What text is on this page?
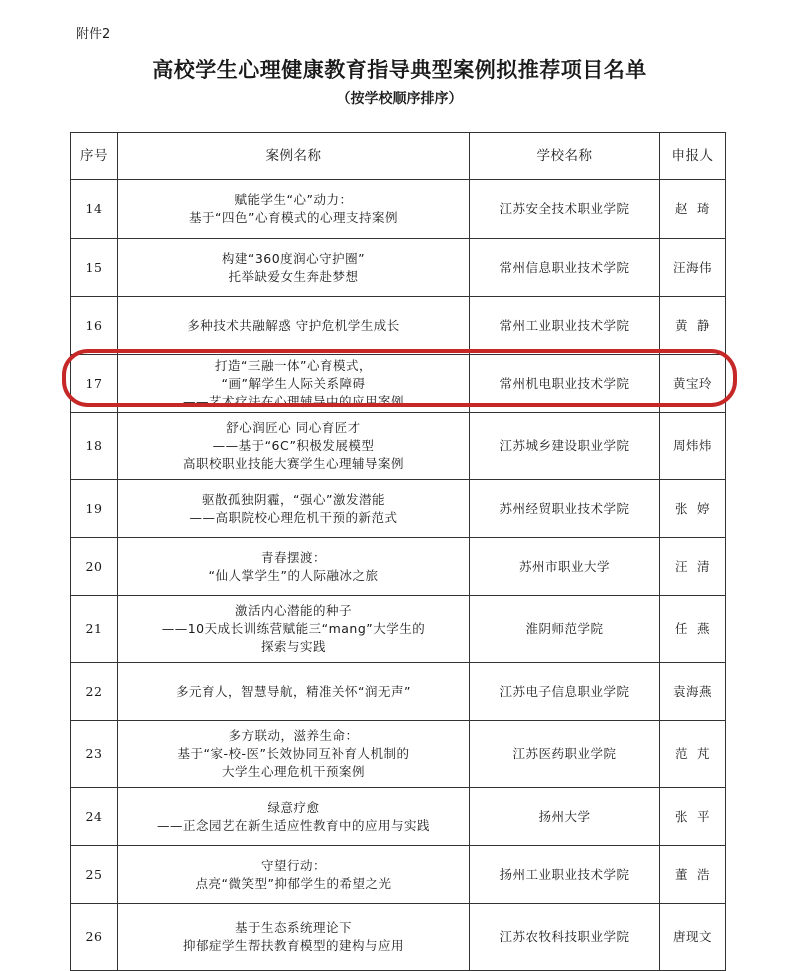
附件2
高校学生心理健康教育指导典型案例拟推荐项目名单
（按学校顺序排序）
序号	案例名称	学校名称	申报人
14	赋能学生“心”动力：
基于“四色”心育模式的心理支持案例	江苏安全技术职业学院	赵  琦
15	构建“360度润心守护圈”
托举缺爱女生奔赴梦想	常州信息职业技术学院	汪海伟
16	多种技术共融解惑 守护危机学生成长	常州工业职业技术学院	黄  静
17	打造“三融一体”心育模式，
“画”解学生人际关系障碍
——艺术疗法在心理辅导中的应用案例	常州机电职业技术学院	黄宝玲
18	舒心润匠心 同心育匠才
——基于“6C”积极发展模型
高职校职业技能大赛学生心理辅导案例	江苏城乡建设职业学院	周炜炜
19	驱散孤独阴霾，“强心”激发潜能
——高职院校心理危机干预的新范式	苏州经贸职业技术学院	张  婷
20	青春摆渡：
“仙人掌学生”的人际融冰之旅	苏州市职业大学	汪  清
21	激活内心潜能的种子
——10天成长训练营赋能三“mang”大学生的
探索与实践	淮阴师范学院	任  燕
22	多元育人，智慧导航，精准关怀“润无声”	江苏电子信息职业学院	袁海燕
23	多方联动，滋养生命：
基于“家-校-医”长效协同互补育人机制的
大学生心理危机干预案例	江苏医药职业学院	范  芃
24	绿意疗愈
——正念园艺在新生适应性教育中的应用与实践	扬州大学	张  平
25	守望行动：
点亮“微笑型”抑郁学生的希望之光	扬州工业职业技术学院	董  浩
26	基于生态系统理论下
抑郁症学生帮扶教育模型的建构与应用	江苏农牧科技职业学院	唐现文
